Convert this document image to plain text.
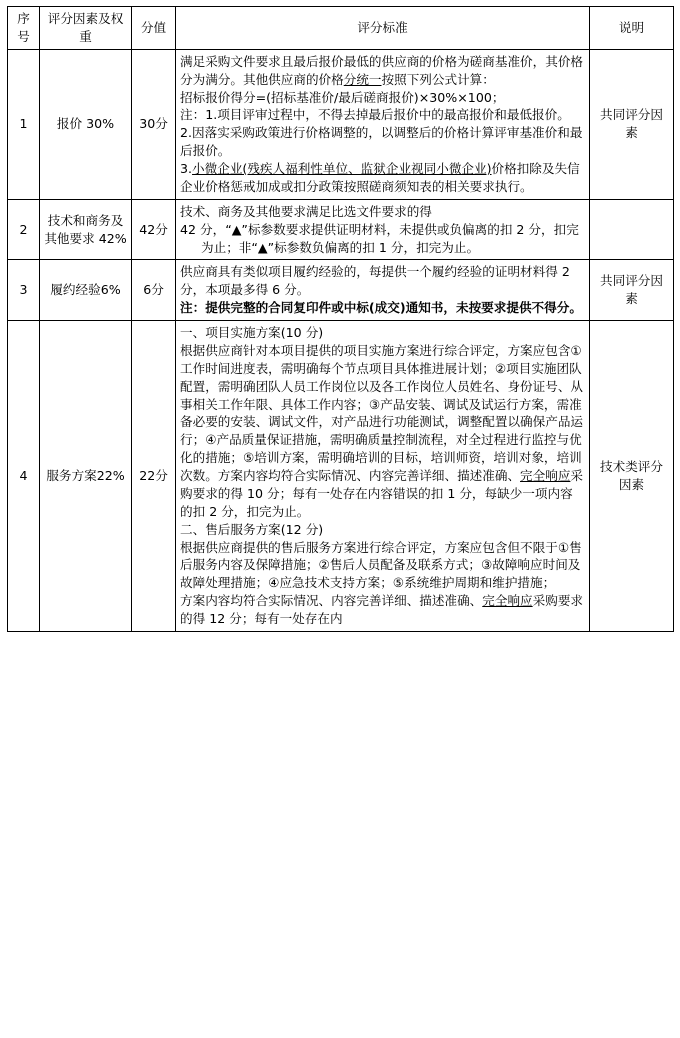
序号	评分因素及权重	分值	评分标准	说明
1	报价 30%	30分	满足采购文件要求且最后报价最低的供应商的价格为磋商基准价，其价格分为满分。其他供应商的价格分统一按照下列公式计算：

招标报价得分=(招标基准价/最后磋商报价)×30%×100；

注：1.项目评审过程中，不得去掉最后报价中的最高报价和最低报价。

2.因落实采购政策进行价格调整的，以调整后的价格计算评审基准价和最后报价。

3.小微企业(残疾人福利性单位、监狱企业视同小微企业)价格扣除及失信企业价格惩戒加成或扣分政策按照磋商须知表的相关要求执行。	共同评分因素
2	技术和商务及其他要求 42%	42分	技术、商务及其他要求满足比选文件要求的得

42 分，“▲”标参数要求提供证明材料，未提供或负偏离的扣 2 分，扣完为止；非“▲”标参数负偏离的扣 1 分，扣完为止。	

3	履约经验6%	6分	供应商具有类似项目履约经验的，每提供一个履约经验的证明材料得 2 分，本项最多得 6 分。

注：提供完整的合同复印件或中标(成交)通知书，未按要求提供不得分。	共同评分因素
4	服务方案22%	22分	一、项目实施方案(10 分)

根据供应商针对本项目提供的项目实施方案进行综合评定，方案应包含①工作时间进度表，需明确每个节点项目具体推进展计划；②项目实施团队配置，需明确团队人员工作岗位以及各工作岗位人员姓名、身份证号、从事相关工作年限、具体工作内容；③产品安装、调试及试运行方案，需准备必要的安装、调试文件，对产品进行功能测试，调整配置以确保产品运行；④产品质量保证措施，需明确质量控制流程，对全过程进行监控与优化的措施；⑤培训方案，需明确培训的目标，培训师资，培训对象，培训次数。方案内容均符合实际情况、内容完善详细、描述准确、完全响应采购要求的得 10 分；每有一处存在内容错误的扣 1 分，每缺少一项内容的扣 2 分，扣完为止。

二、售后服务方案(12 分)

根据供应商提供的售后服务方案进行综合评定，方案应包含但不限于①售后服务内容及保障措施；②售后人员配备及联系方式；③故障响应时间及故障处理措施；④应急技术支持方案；⑤系统维护周期和维护措施；

方案内容均符合实际情况、内容完善详细、描述准确、完全响应采购要求的得 12 分；每有一处存在内	技术类评分因素
